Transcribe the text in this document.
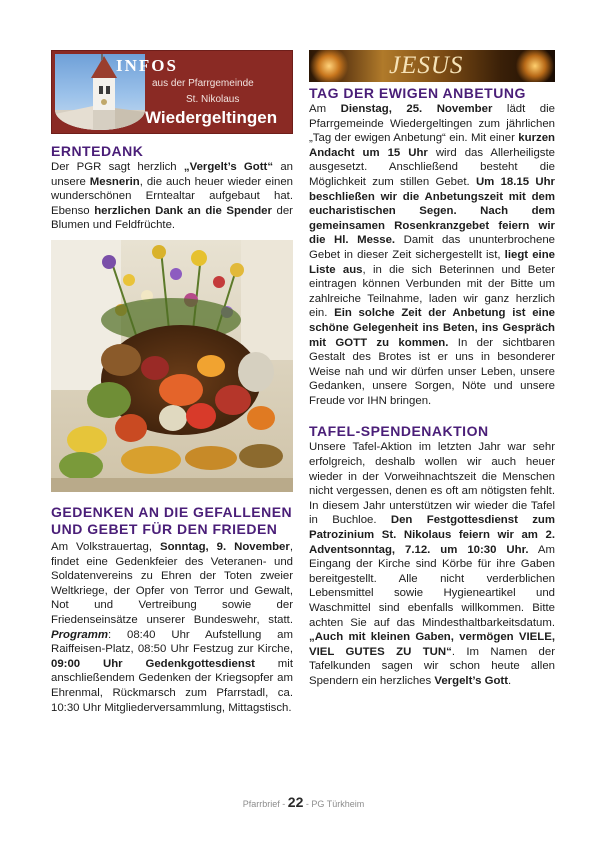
INFOS
aus der Pfarrgemeinde
St. Nikolaus
Wiedergeltingen
ERNTEDANK

Der PGR sagt herzlich „Vergelt’s Gott“ an unsere Mesnerin, die auch heuer wieder einen wunderschönen Erntealtar aufgebaut hat. Ebenso herzlichen Dank an die Spender der Blumen und Feldfrüchte.

GEDENKEN AN DIE GEFALLENEN
UND GEBET FÜR DEN FRIEDEN

Am Volkstrauertag, Sonntag, 9. November, findet eine Gedenkfeier des Veteranen- und Soldatenvereins zu Ehren der Toten zweier Weltkriege, der Opfer von Terror und Gewalt, Not und Vertreibung sowie der Friedenseinsätze unserer Bundeswehr, statt. Programm: 08:40 Uhr Aufstellung am Raiffeisen-Platz, 08:50 Uhr Festzug zur Kirche, 09:00 Uhr Gedenkgottesdienst mit anschließendem Gedenken der Kriegsopfer am Ehrenmal, Rückmarsch zum Pfarrstadl, ca. 10:30 Uhr Mitgliederversammlung, Mittagstisch.

JESUS
TAG DER EWIGEN ANBETUNG

Am Dienstag, 25. November lädt die Pfarrgemeinde Wiedergeltingen zum jährlichen „Tag der ewigen Anbetung“ ein. Mit einer kurzen Andacht um 15 Uhr wird das Allerheiligste ausgesetzt. Anschließend besteht die Möglichkeit zum stillen Gebet. Um 18.15 Uhr beschließen wir die Anbetungszeit mit dem eucharistischen Segen. Nach dem gemeinsamen Rosenkranzgebet feiern wir die Hl. Messe. Damit das ununterbrochene Gebet in dieser Zeit sichergestellt ist, liegt eine Liste aus, in die sich Beterinnen und Beter eintragen können Verbunden mit der Bitte um zahlreiche Teilnahme, laden wir ganz herzlich ein. Ein solche Zeit der Anbetung ist eine schöne Gelegenheit ins Beten, ins Gespräch mit GOTT zu kommen. In der sichtbaren Gestalt des Brotes ist er uns in besonderer Weise nah und wir dürfen unser Leben, unsere Gedanken, unsere Sorgen, Nöte und unsere Freude vor IHN bringen.

TAFEL-SPENDENAKTION

Unsere Tafel-Aktion im letzten Jahr war sehr erfolgreich, deshalb wollen wir auch heuer wieder in der Vorweihnachtszeit die Menschen nicht vergessen, denen es oft am nötigsten fehlt. In diesem Jahr unterstützen wir wieder die Tafel in Buchloe. Den Festgottesdienst zum Patrozinium St. Nikolaus feiern wir am 2. Adventsonntag, 7.12. um 10:30 Uhr. Am Eingang der Kirche sind Körbe für ihre Gaben bereitgestellt. Alle nicht verderblichen Lebensmittel sowie Hygieneartikel und Waschmittel sind ebenfalls willkommen. Bitte achten Sie auf das Mindesthaltbarkeitsdatum. „Auch mit kleinen Gaben, vermögen VIELE, VIEL GUTES ZU TUN“. Im Namen der Tafelkunden sagen wir schon heute allen Spendern ein herzliches Vergelt’s Gott.

Pfarrbrief - 22 - PG Türkheim
